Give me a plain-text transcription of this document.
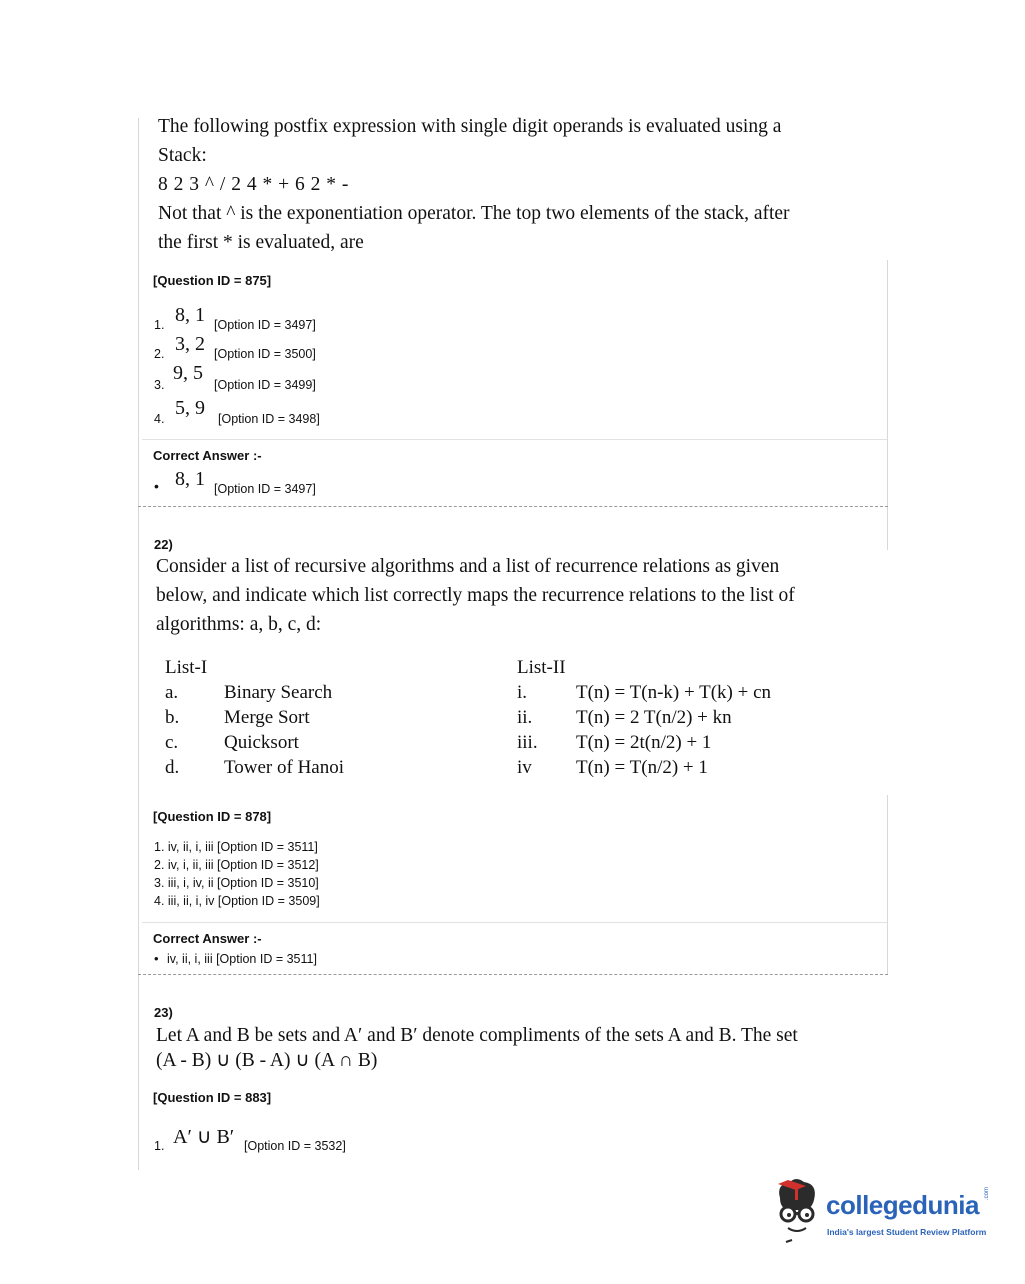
The following postfix expression with single digit operands is evaluated using a
Stack:
8 2 3 ^ / 2 4 * + 6 2 * -
Not that ^ is the exponentiation operator. The top two elements of the stack, after
the first * is evaluated, are
[Question ID = 875]
1. 8, 1 [Option ID = 3497]
2. 3, 2 [Option ID = 3500]
3.
9, 5
[Option ID = 3499]
4. 5, 9 [Option ID = 3498]
Correct Answer :-
• 8, 1 [Option ID = 3497]
22)
Consider a list of recursive algorithms and a list of recurrence relations as given
below, and indicate which list correctly maps the recurrence relations to the list of
algorithms: a, b, c, d:
List-I	List-II
a. Binary Search
b. Merge Sort
c. Quicksort
d. Tower of Hanoi
i.	T(n) = T(n-k) + T(k) + cn
ii. T(n) = 2 T(n/2) + kn
iii. T(n) = 2t(n/2) + 1
iv T(n) = T(n/2) + 1
[Question ID = 878]
1. iv, ii, i, iii [Option ID = 3511]
2. iv, i, ii, iii [Option ID = 3512]
3. iii, i, iv, ii [Option ID = 3510]
4. iii, ii, i, iv [Option ID = 3509]
Correct Answer :-
• iv, ii, i, iii [Option ID = 3511]
23)
Let A and B be sets and A′ and B′ denote compliments of the sets A and B. The set
(A - B) ∪ (B - A) ∪ (A ∩ B)
[Question ID = 883]
1. A′ ∪ B′ [Option ID = 3532]
collegedunia .com
India's largest Student Review Platform
